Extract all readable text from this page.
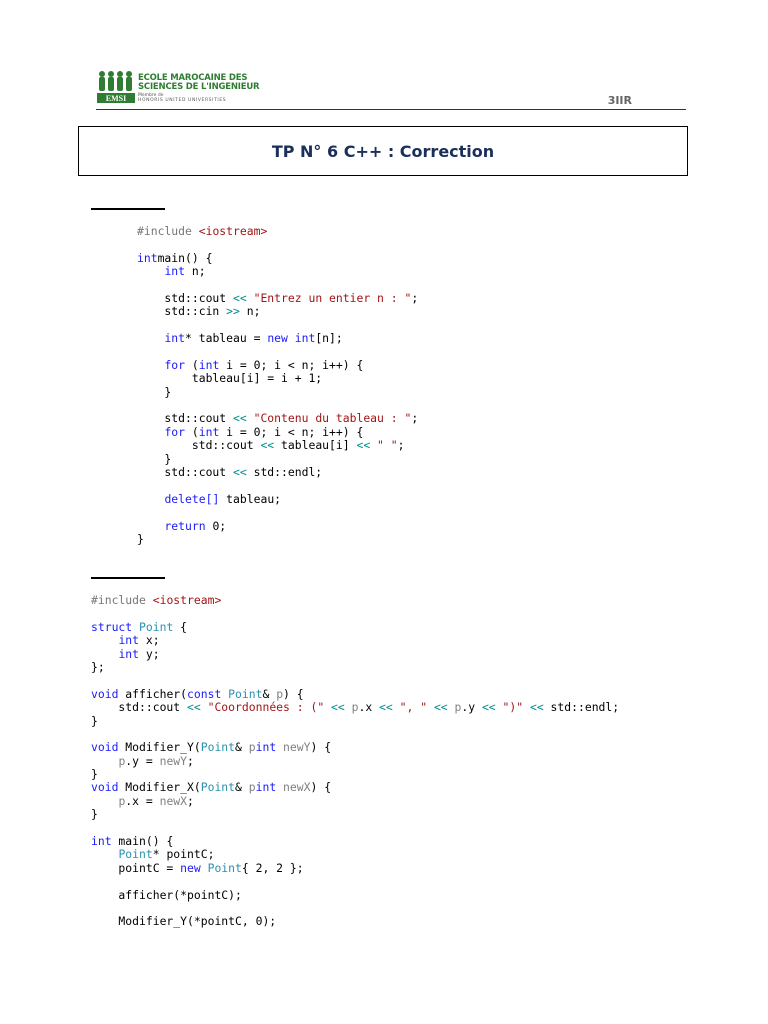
EMSI
ECOLE MAROCAINE DES
SCIENCES DE L'INGENIEUR
Membre de
HONORIS UNITED UNIVERSITIES	3IIR
TP N° 6 C++ : Correction
#include <iostream>

intmain() {
int n;

std::cout << "Entrez un entier n : ";
std::cin >> n;

int* tableau = new int[n];

for (int i = 0; i < n; i++) {
tableau[i] = i + 1;
}

std::cout << "Contenu du tableau : ";
for (int i = 0; i < n; i++) {
std::cout << tableau[i] << " ";
}
std::cout << std::endl;

delete[] tableau;

return 0;
}
#include <iostream>

struct Point {
int x;
int y;
};

void afficher(const Point& p) {
std::cout << "Coordonnées : (" << p.x << ", " << p.y << ")" << std::endl;
}

void Modifier_Y(Point& pint newY) {
p.y = newY;
}
void Modifier_X(Point& pint newX) {
p.x = newX;
}

int main() {
Point* pointC;
pointC = new Point{ 2, 2 };

afficher(*pointC);

Modifier_Y(*pointC, 0);
